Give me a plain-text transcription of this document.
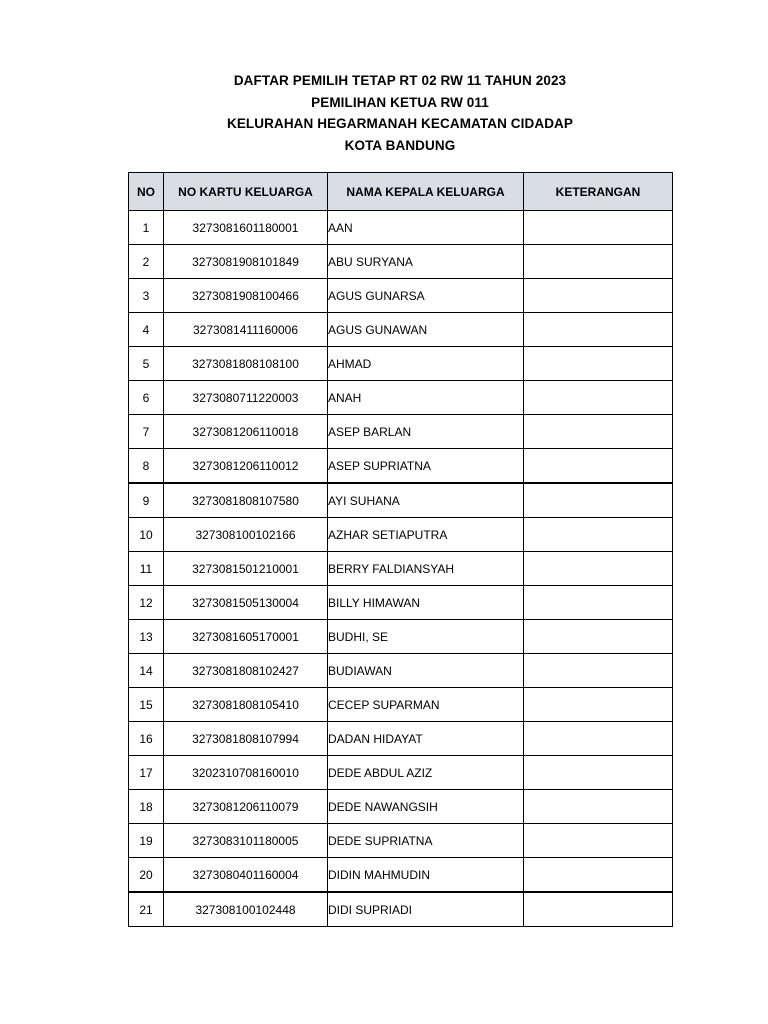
DAFTAR PEMILIH TETAP RT 02 RW 11 TAHUN 2023
PEMILIHAN KETUA RW 011
KELURAHAN HEGARMANAH KECAMATAN CIDADAP
KOTA BANDUNG
NO	NO KARTU KELUARGA	NAMA KEPALA KELUARGA	KETERANGAN
1	3273081601180001	AAN	
2	3273081908101849	ABU SURYANA	
3	3273081908100466	AGUS GUNARSA	
4	3273081411160006	AGUS GUNAWAN	
5	3273081808108100	AHMAD	
6	3273080711220003	ANAH	
7	3273081206110018	ASEP BARLAN	
8	3273081206110012	ASEP SUPRIATNA	
9	3273081808107580	AYI SUHANA	
10	327308100102166	AZHAR SETIAPUTRA	
11	3273081501210001	BERRY FALDIANSYAH	
12	3273081505130004	BILLY HIMAWAN	
13	3273081605170001	BUDHI, SE	
14	3273081808102427	BUDIAWAN	
15	3273081808105410	CECEP SUPARMAN	
16	3273081808107994	DADAN HIDAYAT	
17	3202310708160010	DEDE ABDUL AZIZ	
18	3273081206110079	DEDE NAWANGSIH	
19	3273083101180005	DEDE SUPRIATNA	
20	3273080401160004	DIDIN MAHMUDIN	
21	327308100102448	DIDI SUPRIADI	
